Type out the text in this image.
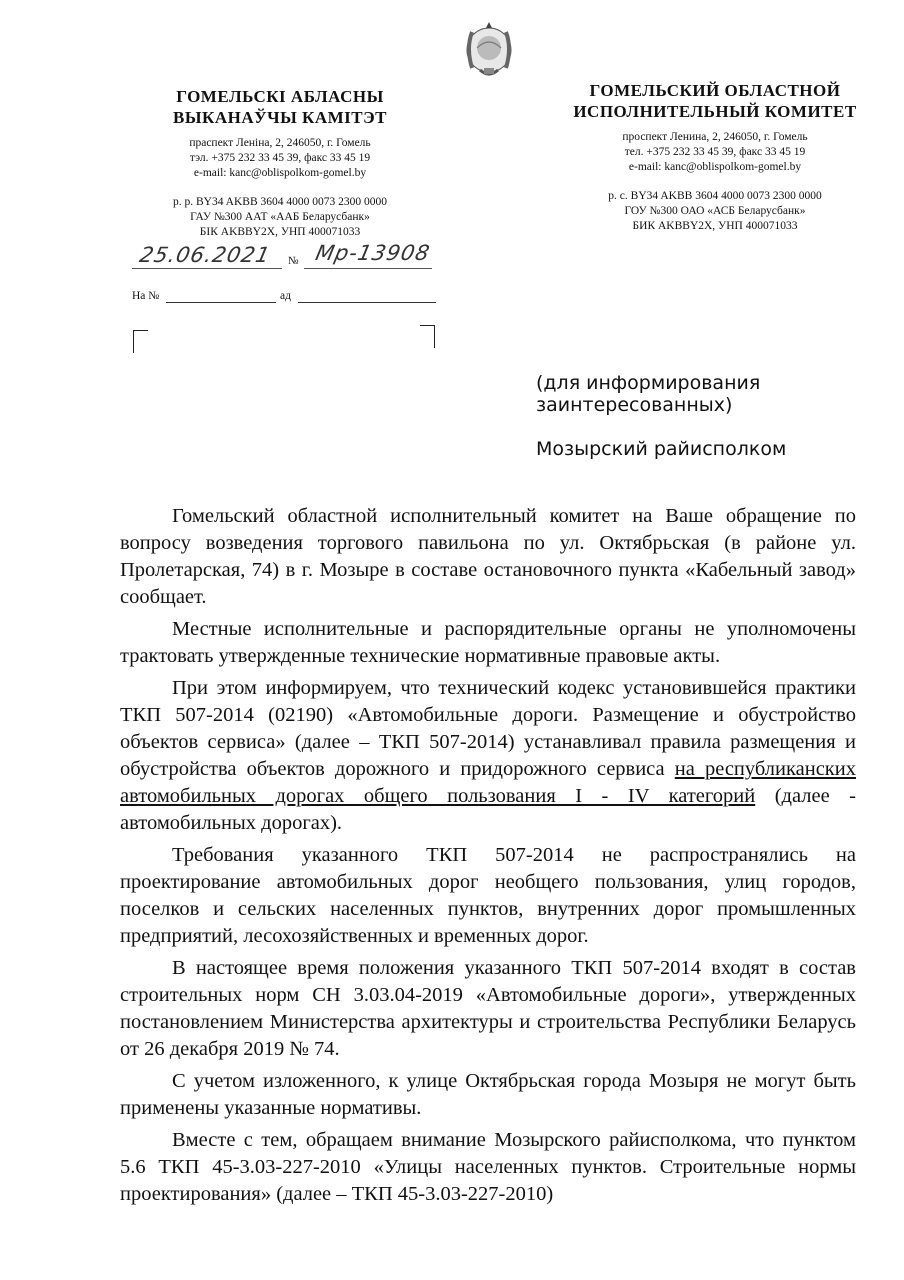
ГОМЕЛЬСКІ АБЛАСНЫ
ВЫКАНАЎЧЫ КАМІТЭТ
праспект Леніна, 2, 246050, г. Гомель
тэл. +375 232 33 45 39, факс 33 45 19
e-mail: kanc@oblispolkom-gomel.by
р. р. BY34 AKBB 3604 4000 0073 2300 0000
ГАУ №300 ААТ «ААБ Беларусбанк»
БІК AKBBY2X, УНП 400071033
ГОМЕЛЬСКИЙ ОБЛАСТНОЙ
ИСПОЛНИТЕЛЬНЫЙ КОМИТЕТ
проспект Ленина, 2, 246050, г. Гомель
тел. +375 232 33 45 39, факс 33 45 19
e-mail: kanc@oblispolkom-gomel.by
р. с. BY34 AKBB 3604 4000 0073 2300 0000
ГОУ №300 ОАО «АСБ Беларусбанк»
БИК AKBBY2X, УНП 400071033
25.06.2021 № Мр-13908
На №	ад
(для информирования
заинтересованных)
Мозырский райисполком

Гомельский областной исполнительный комитет на Ваше обращение по вопросу возведения торгового павильона по ул. Октябрьская (в районе ул. Пролетарская, 74) в г. Мозыре в составе остановочного пункта «Кабельный завод» сообщает.

Местные исполнительные и распорядительные органы не уполномочены трактовать утвержденные технические нормативные правовые акты.

При этом информируем, что технический кодекс установившейся практики ТКП 507-2014 (02190) «Автомобильные дороги. Размещение и обустройство объектов сервиса» (далее – ТКП 507-2014) устанавливал правила размещения и обустройства объектов дорожного и придорожного сервиса на республиканских автомобильных дорогах общего пользования I - IV категорий (далее - автомобильных дорогах).

Требования указанного ТКП 507-2014 не распространялись на проектирование автомобильных дорог необщего пользования, улиц городов, поселков и сельских населенных пунктов, внутренних дорог промышленных предприятий, лесохозяйственных и временных дорог.

В настоящее время положения указанного ТКП 507-2014 входят в состав строительных норм СН 3.03.04-2019 «Автомобильные дороги», утвержденных постановлением Министерства архитектуры и строительства Республики Беларусь от 26 декабря 2019 № 74.

С учетом изложенного, к улице Октябрьская города Мозыря не могут быть применены указанные нормативы.

Вместе с тем, обращаем внимание Мозырского райисполкома, что пунктом 5.6 ТКП 45-3.03-227-2010 «Улицы населенных пунктов. Строительные нормы проектирования» (далее – ТКП 45-3.03-227-2010)
